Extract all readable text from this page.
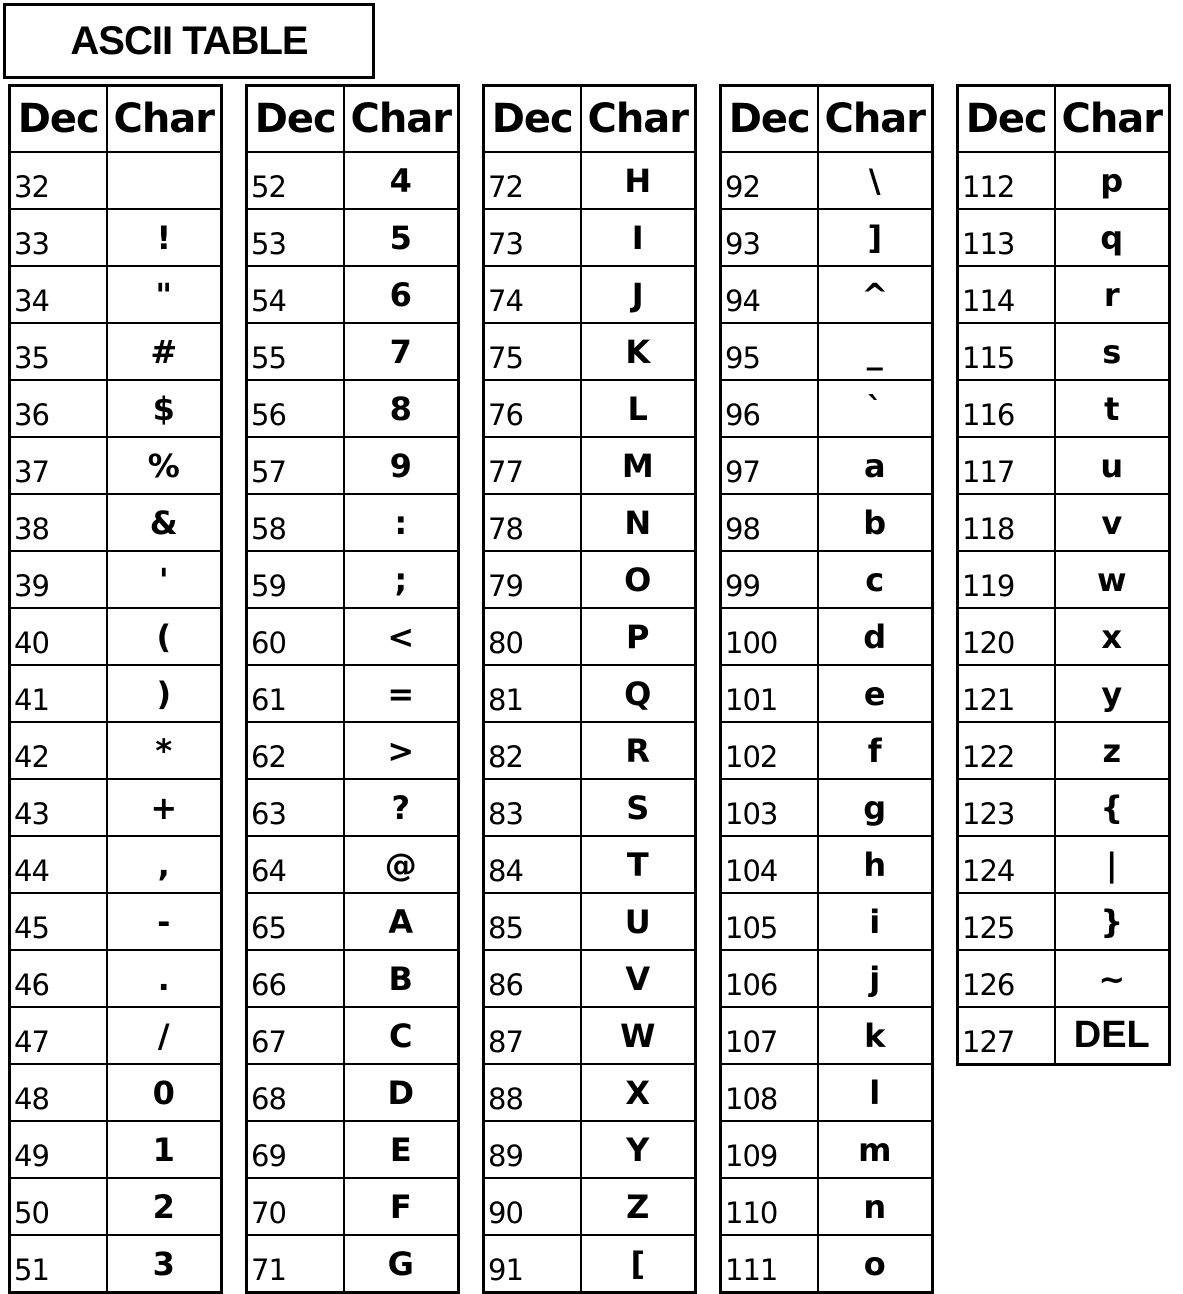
ASCII TABLE
Dec	Char
32	
33	!
34	"
35	#
36	$
37	%
38	&
39	'
40	(
41	)
42	*
43	+
44	,
45	-
46	.
47	/
48	0
49	1
50	2
51	3
Dec	Char
52	4
53	5
54	6
55	7
56	8
57	9
58	:
59	;
60	<
61	=
62	>
63	?
64	@
65	A
66	B
67	C
68	D
69	E
70	F
71	G
Dec	Char
72	H
73	I
74	J
75	K
76	L
77	M
78	N
79	O
80	P
81	Q
82	R
83	S
84	T
85	U
86	V
87	W
88	X
89	Y
90	Z
91	[
Dec	Char
92	\
93	]
94	^
95	_
96	`
97	a
98	b
99	c
100	d
101	e
102	f
103	g
104	h
105	i
106	j
107	k
108	l
109	m
110	n
111	o
Dec	Char
112	p
113	q
114	r
115	s
116	t
117	u
118	v
119	w
120	x
121	y
122	z
123	{
124	|
125	}
126	~
127	DEL
